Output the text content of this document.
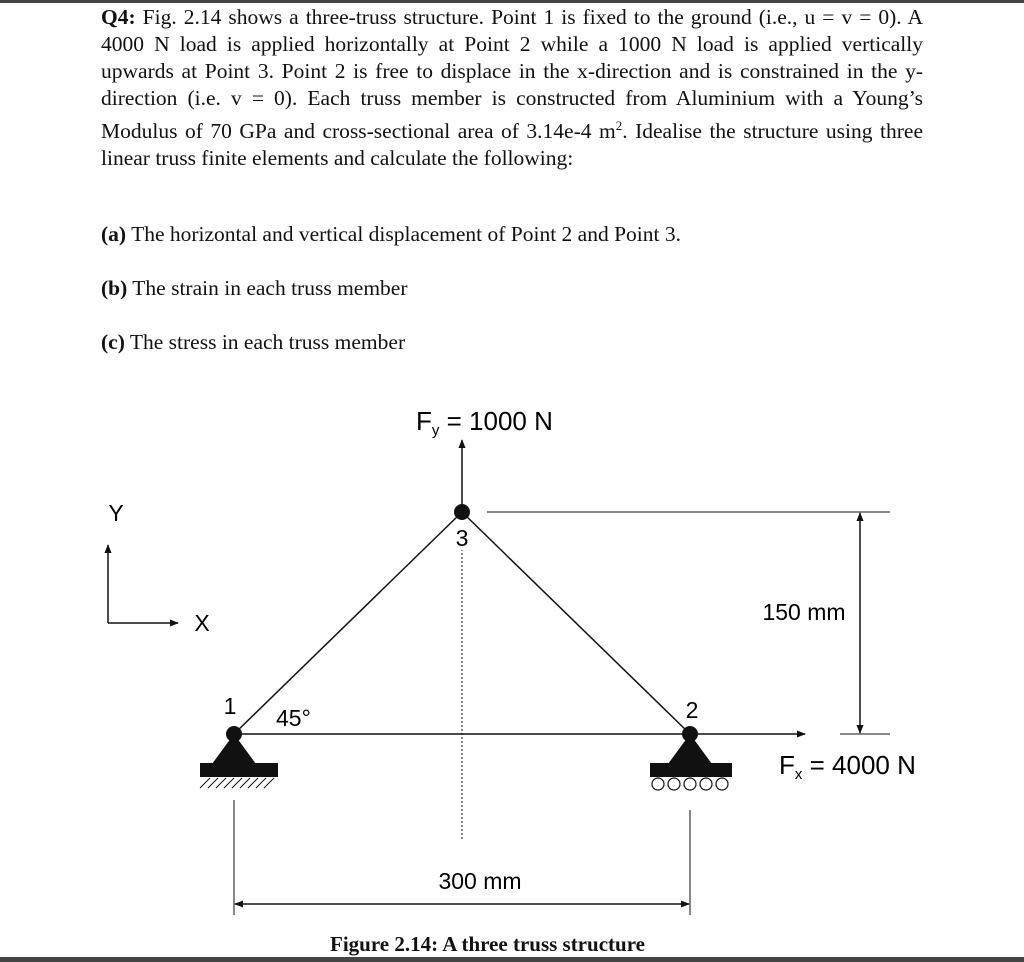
Q4: Fig. 2.14 shows a three-truss structure. Point 1 is fixed to the ground (i.e., u = v = 0). A 4000 N load is applied horizontally at Point 2 while a 1000 N load is applied vertically upwards at Point 3. Point 2 is free to displace in the x-direction and is constrained in the y-direction (i.e. v = 0). Each truss member is constructed from Aluminium with a Young’s Modulus of 70 GPa and cross-sectional area of 3.14e-4 $m^2$. Idealise the structure using three linear truss finite elements and calculate the following:
(a) The horizontal and vertical displacement of Point 2 and Point 3.
(b) The strain in each truss member
(c) The stress in each truss member
Y
X
Fy = 1000 N
Fx = 4000 N
1	2
3
45°
150 mm
300 mm
Figure 2.14: A three truss structure
